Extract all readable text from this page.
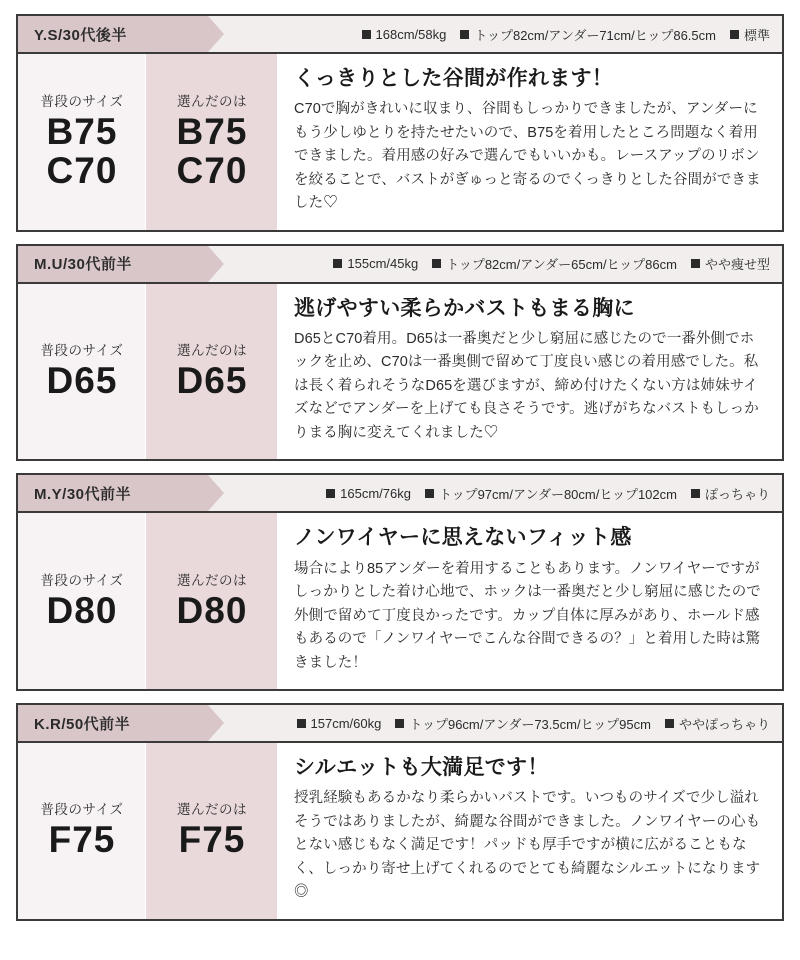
Y.S/30代後半	168cm/58kg トップ82cm/アンダー71cm/ヒップ86.5cm 標準
普段のサイズ
B75
C70
選んだのは
B75
C70
くっきりとした谷間が作れます！

C70で胸がきれいに収まり、谷間もしっかりできましたが、アンダーにもう少しゆとりを持たせたいので、B75を着用したところ問題なく着用できました。着用感の好みで選んでもいいかも。レースアップのリボンを絞ることで、バストがぎゅっと寄るのでくっきりとした谷間ができました♡

M.U/30代前半	155cm/45kg トップ82cm/アンダー65cm/ヒップ86cm やや痩せ型
普段のサイズ
D65
選んだのは
D65
逃げやすい柔らかバストもまる胸に

D65とC70着用。D65は一番奥だと少し窮屈に感じたので一番外側でホックを止め、C70は一番奥側で留めて丁度良い感じの着用感でした。私は長く着られそうなD65を選びますが、締め付けたくない方は姉妹サイズなどでアンダーを上げても良さそうです。逃げがちなバストもしっかりまる胸に変えてくれました♡

M.Y/30代前半	165cm/76kg トップ97cm/アンダー80cm/ヒップ102cm ぽっちゃり
普段のサイズ
D80
選んだのは
D80
ノンワイヤーに思えないフィット感

場合により85アンダーを着用することもあります。ノンワイヤーですがしっかりとした着け心地で、ホックは一番奥だと少し窮屈に感じたので外側で留めて丁度良かったです。カップ自体に厚みがあり、ホールド感もあるので「ノンワイヤーでこんな谷間できるの？」と着用した時は驚きました！

K.R/50代前半	157cm/60kg トップ96cm/アンダー73.5cm/ヒップ95cm ややぽっちゃり
普段のサイズ
F75
選んだのは
F75
シルエットも大満足です！

授乳経験もあるかなり柔らかいバストです。いつものサイズで少し溢れそうではありましたが、綺麗な谷間ができました。ノンワイヤーの心もとない感じもなく満足です！パッドも厚手ですが横に広がることもなく、しっかり寄せ上げてくれるのでとても綺麗なシルエットになります◎
